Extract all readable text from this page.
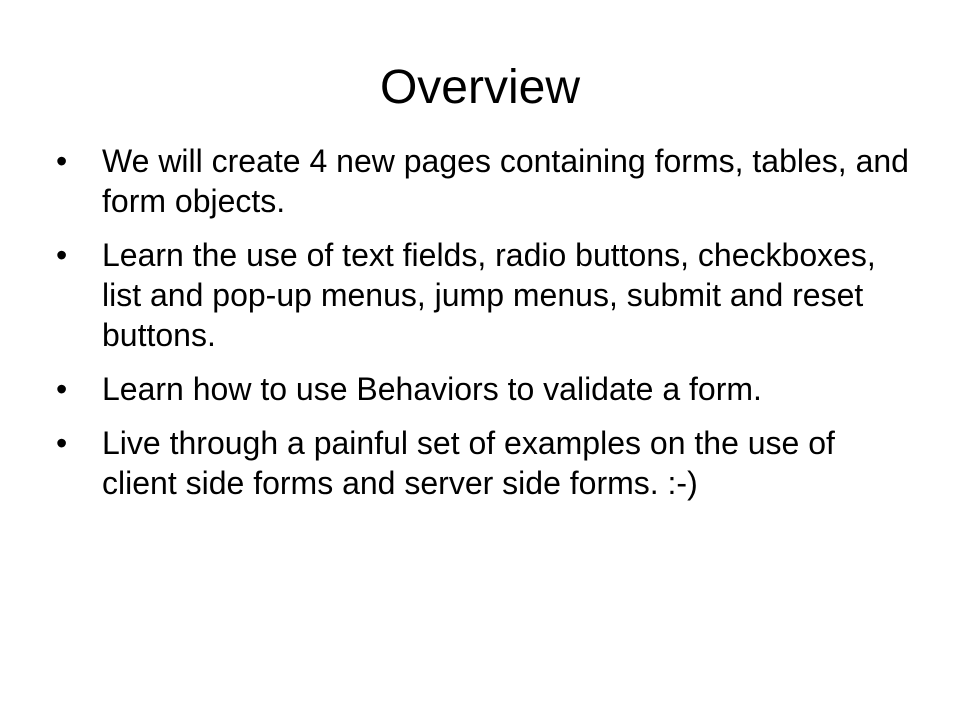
Overview
• We will create 4 new pages containing forms, tables, and form objects.
• Learn the use of text fields, radio buttons, checkboxes, list and pop-up menus, jump menus, submit and reset buttons.
• Learn how to use Behaviors to validate a form.
• Live through a painful set of examples on the use of client side forms and server side forms. :-)
